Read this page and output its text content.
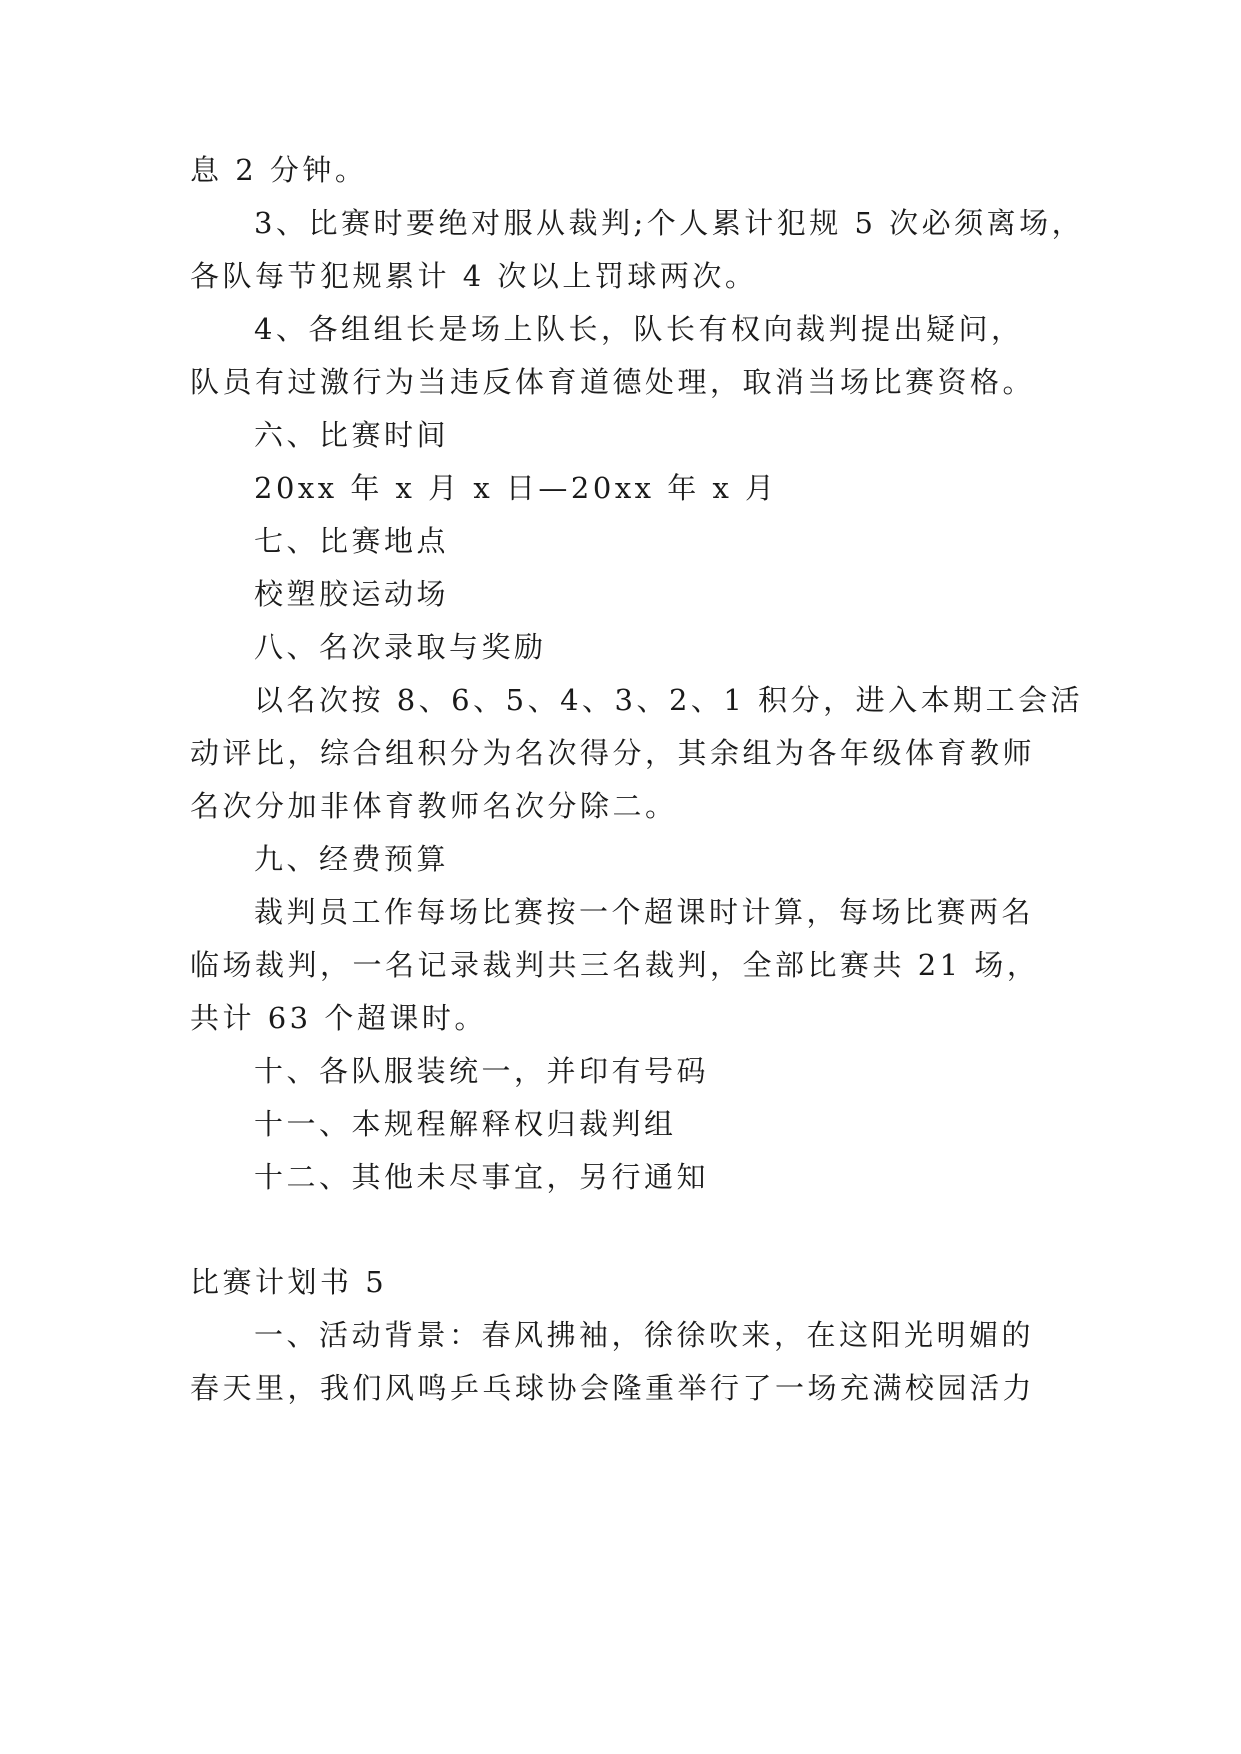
息 2 分钟。
3、比赛时要绝对服从裁判;个人累计犯规 5 次必须离场，
各队每节犯规累计 4 次以上罚球两次。
4、各组组长是场上队长，队长有权向裁判提出疑问，
队员有过激行为当违反体育道德处理，取消当场比赛资格。
六、比赛时间
20xx 年 x 月 x 日—20xx 年 x 月
七、比赛地点
校塑胶运动场
八、名次录取与奖励
以名次按 8、6、5、4、3、2、1 积分，进入本期工会活
动评比，综合组积分为名次得分，其余组为各年级体育教师
名次分加非体育教师名次分除二。
九、经费预算
裁判员工作每场比赛按一个超课时计算，每场比赛两名
临场裁判，一名记录裁判共三名裁判，全部比赛共 21 场，
共计 63 个超课时。
十、各队服装统一，并印有号码
十一、本规程解释权归裁判组
十二、其他未尽事宜，另行通知
比赛计划书 5
一、活动背景：春风拂袖，徐徐吹来，在这阳光明媚的
春天里，我们风鸣乒乓球协会隆重举行了一场充满校园活力
